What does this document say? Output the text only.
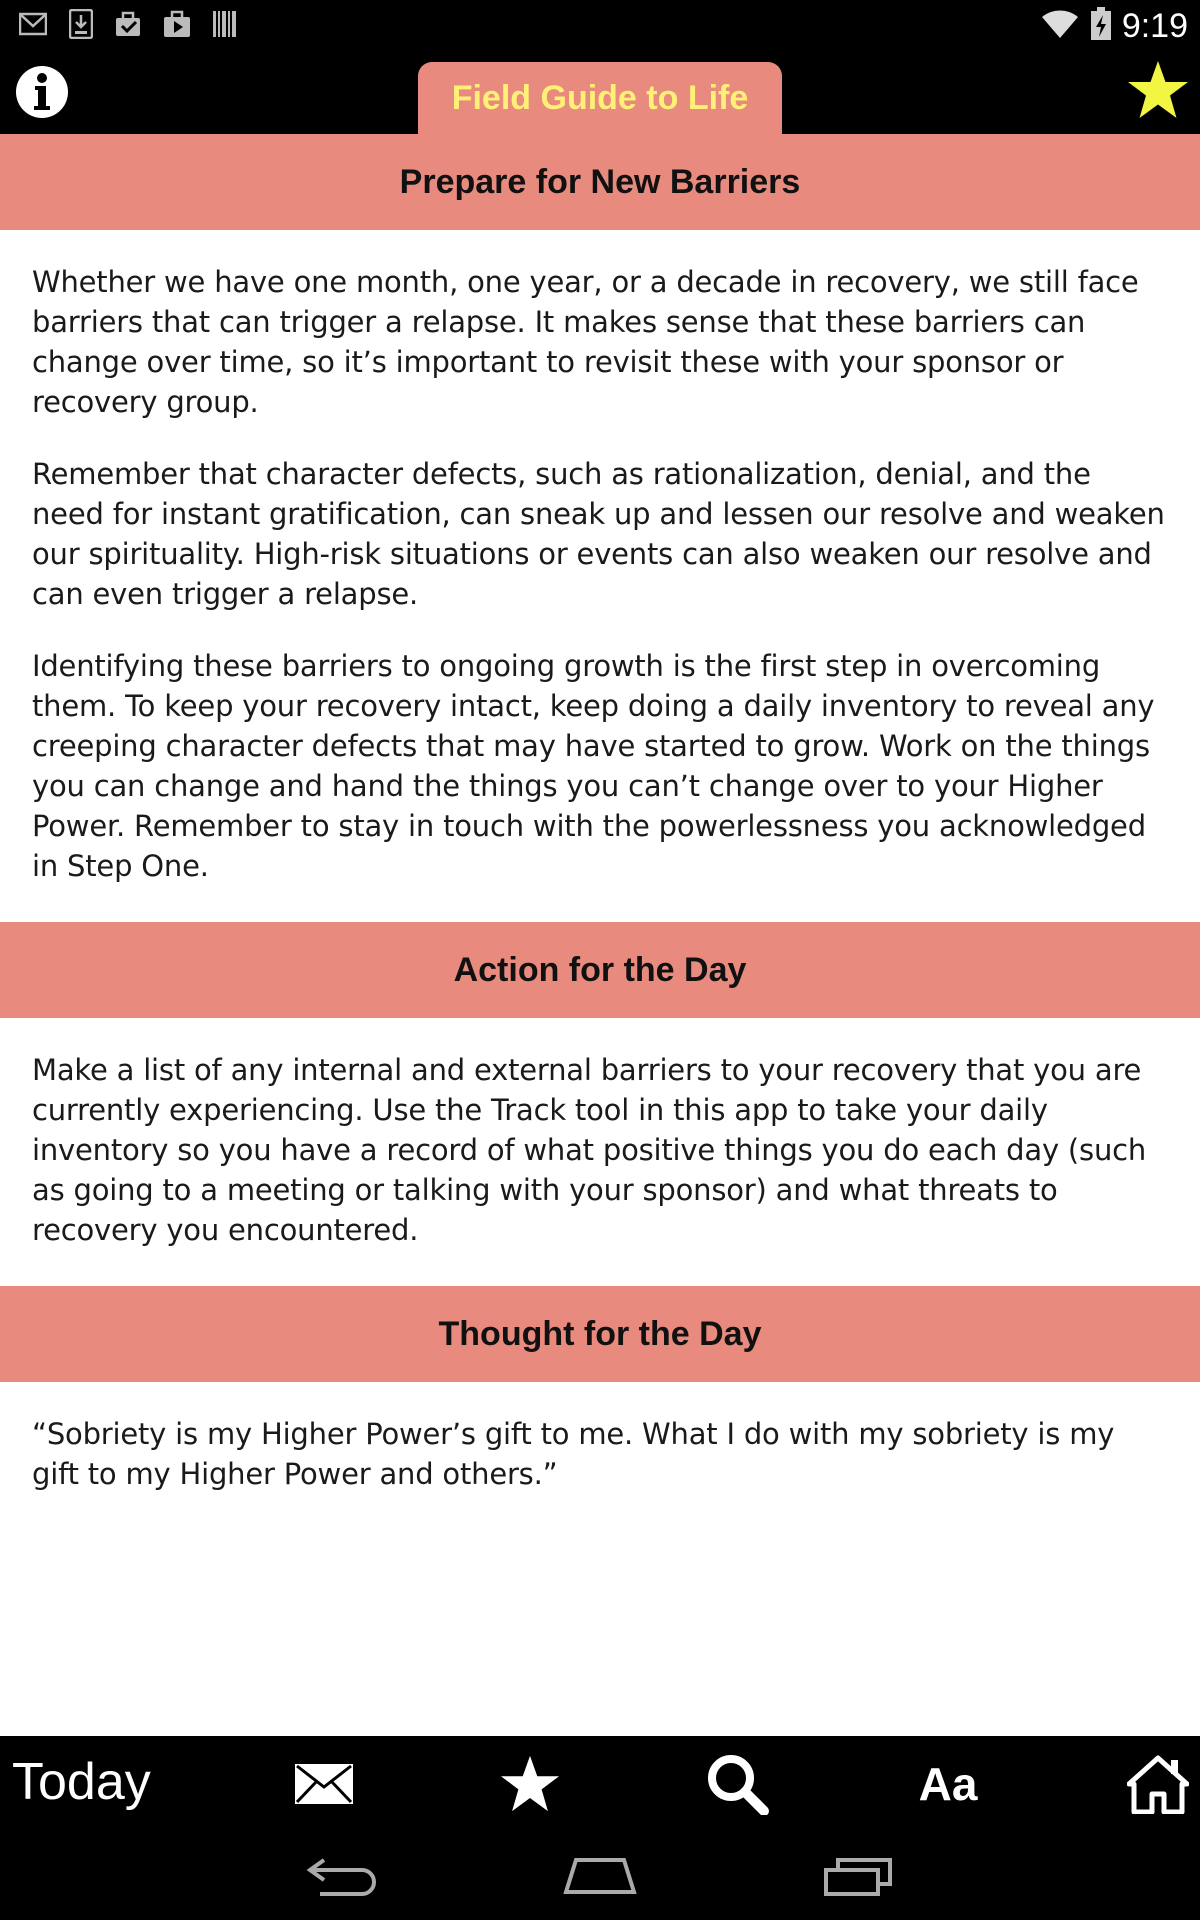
9:19
Field Guide to Life
Prepare for New Barriers

Whether we have one month, one year, or a decade in recovery, we still face barriers that can trigger a relapse. It makes sense that these barriers can change over time, so it’s important to revisit these with your sponsor or recovery group.

Remember that character defects, such as rationalization, denial, and the need for instant gratification, can sneak up and lessen our resolve and weaken our spirituality. High-risk situations or events can also weaken our resolve and can even trigger a relapse.

Identifying these barriers to ongoing growth is the first step in overcoming them. To keep your recovery intact, keep doing a daily inventory to reveal any creeping character defects that may have started to grow. Work on the things you can change and hand the things you can’t change over to your Higher Power. Remember to stay in touch with the powerlessness you acknowledged in Step One.

Action for the Day

Make a list of any internal and external barriers to your recovery that you are currently experiencing. Use the Track tool in this app to take your daily inventory so you have a record of what positive things you do each day (such as going to a meeting or talking with your sponsor) and what threats to recovery you encountered.

Thought for the Day

“Sobriety is my Higher Power’s gift to me. What I do with my sobriety is my gift to my Higher Power and others.”

Today	Aa
